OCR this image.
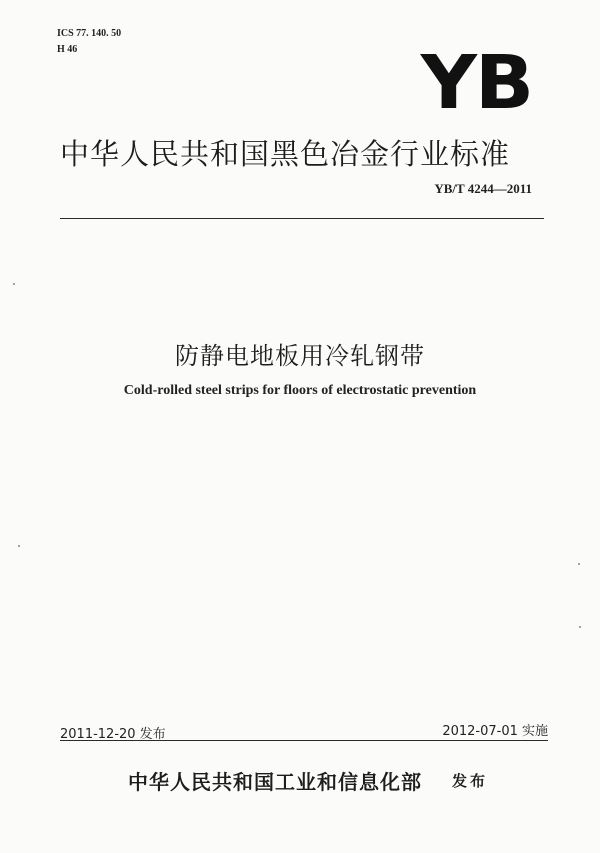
ICS 77. 140. 50
H 46	YB
中华人民共和国黑色冶金行业标准
YB/T 4244—2011
防静电地板用冷轧钢带
Cold-rolled steel strips for floors of electrostatic prevention
2011-12-20 发布	2012-07-01 实施
中华人民共和国工业和信息化部 发布
